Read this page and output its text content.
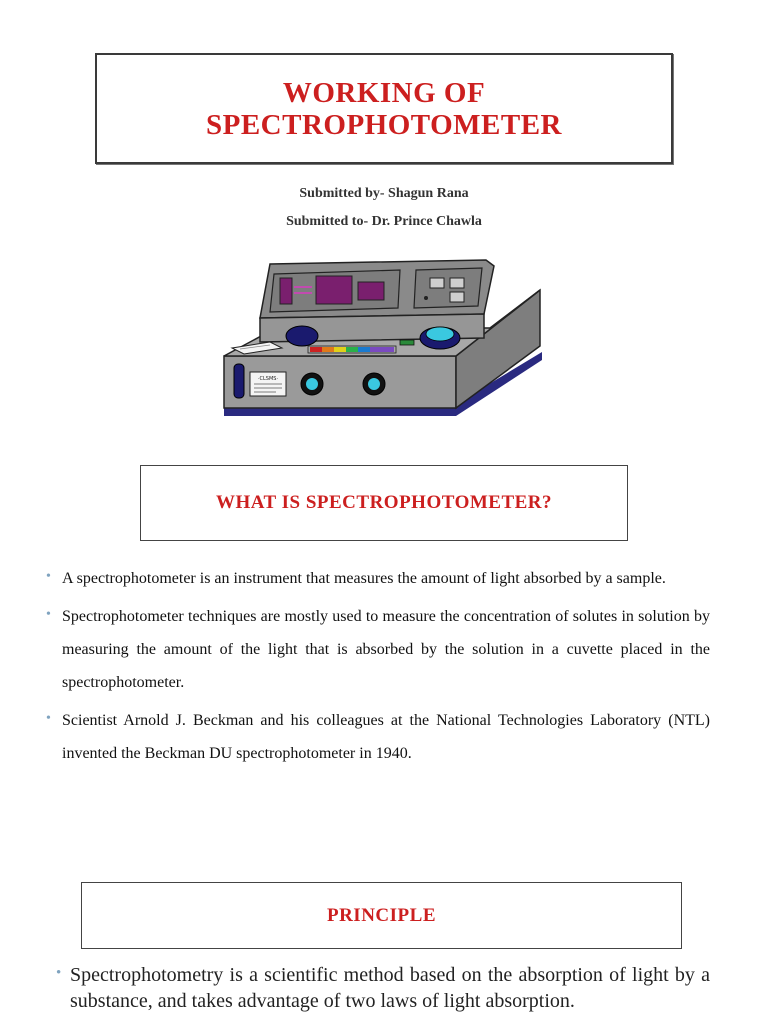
WORKING OF
SPECTROPHOTOMETER
Submitted by- Shagun Rana
Submitted to- Dr. Prince Chawla
·CLSMS·
WHAT IS SPECTROPHOTOMETER?
• A spectrophotometer is an instrument that measures the amount of light absorbed by a sample.
• Spectrophotometer techniques are mostly used to measure the concentration of solutes in solution by measuring the amount of the light that is absorbed by the solution in a cuvette placed in the spectrophotometer.
• Scientist Arnold J. Beckman and his colleagues at the National Technologies Laboratory (NTL) invented the Beckman DU spectrophotometer in 1940.
PRINCIPLE
• Spectrophotometry is a scientific method based on the absorption of light by a substance, and takes advantage of two laws of light absorption.
